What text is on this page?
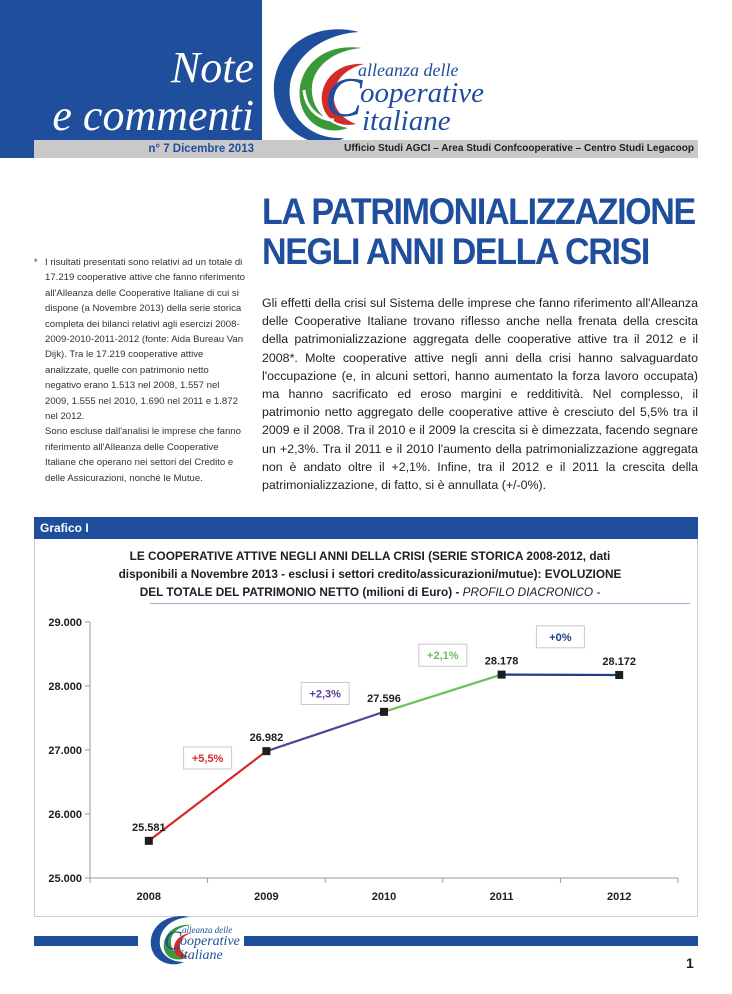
Note
e commenti
alleanza delle
C
ooperative
italiane
n° 7 Dicembre 2013	Ufficio Studi AGCI – Area Studi Confcooperative – Centro Studi Legacoop
LA PATRIMONIALIZZAZIONE
NEGLI ANNI DELLA CRISI
* I risultati presentati sono relativi ad un totale di 17.219 cooperative attive che fanno riferimento all'Alleanza delle Cooperative Italiane di cui si dispone (a Novembre 2013) della serie storica completa dei bilanci relativi agli esercizi 2008-2009-2010-2011-2012 (fonte: Aida Bureau Van Dijk). Tra le 17.219 cooperative attive analizzate, quelle con patrimonio netto negativo erano 1.513 nel 2008, 1.557 nel 2009, 1.555 nel 2010, 1.690 nel 2011 e 1.872 nel 2012.

Sono escluse dall'analisi le imprese che fanno riferimento all'Alleanza delle Cooperative Italiane che operano nei settori del Credito e delle Assicurazioni, nonché le Mutue.

Gli effetti della crisi sul Sistema delle imprese che fanno riferimento all'Alleanza delle Cooperative Italiane trovano riflesso anche nella frenata della crescita della patrimonializzazione aggregata delle cooperative attive tra il 2012 e il 2008*. Molte cooperative attive negli anni della crisi hanno salvaguardato l'occupazione (e, in alcuni settori, hanno aumentato la forza lavoro occupata) ma hanno sacrificato ed eroso margini e redditività. Nel complesso, il patrimonio netto aggregato delle cooperative attive è cresciuto del 5,5% tra il 2009 e il 2008. Tra il 2010 e il 2009 la crescita si è dimezzata, facendo segnare un +2,3%. Tra il 2011 e il 2010 l'aumento della patrimonializzazione aggregata non è andato oltre il +2,1%. Infine, tra il 2012 e il 2011 la crescita della patrimonializzazione, di fatto, si è annullata (+/-0%).
Grafico I
LE COOPERATIVE ATTIVE NEGLI ANNI DELLA CRISI (SERIE STORICA 2008-2012, dati
disponibili a Novembre 2013 - esclusi i settori credito/assicurazioni/mutue): EVOLUZIONE
DEL TOTALE DEL PATRIMONIO NETTO (milioni di Euro) - PROFILO DIACRONICO -
25.000
26.000
27.000
28.000
29.000
2008	2009	2010	2011	2012
+5,5%
+2,3%
+2,1%
+0%
25.581
26.982
27.596
28.178	28.172
alleanza delle
C
ooperative
italiane	1
